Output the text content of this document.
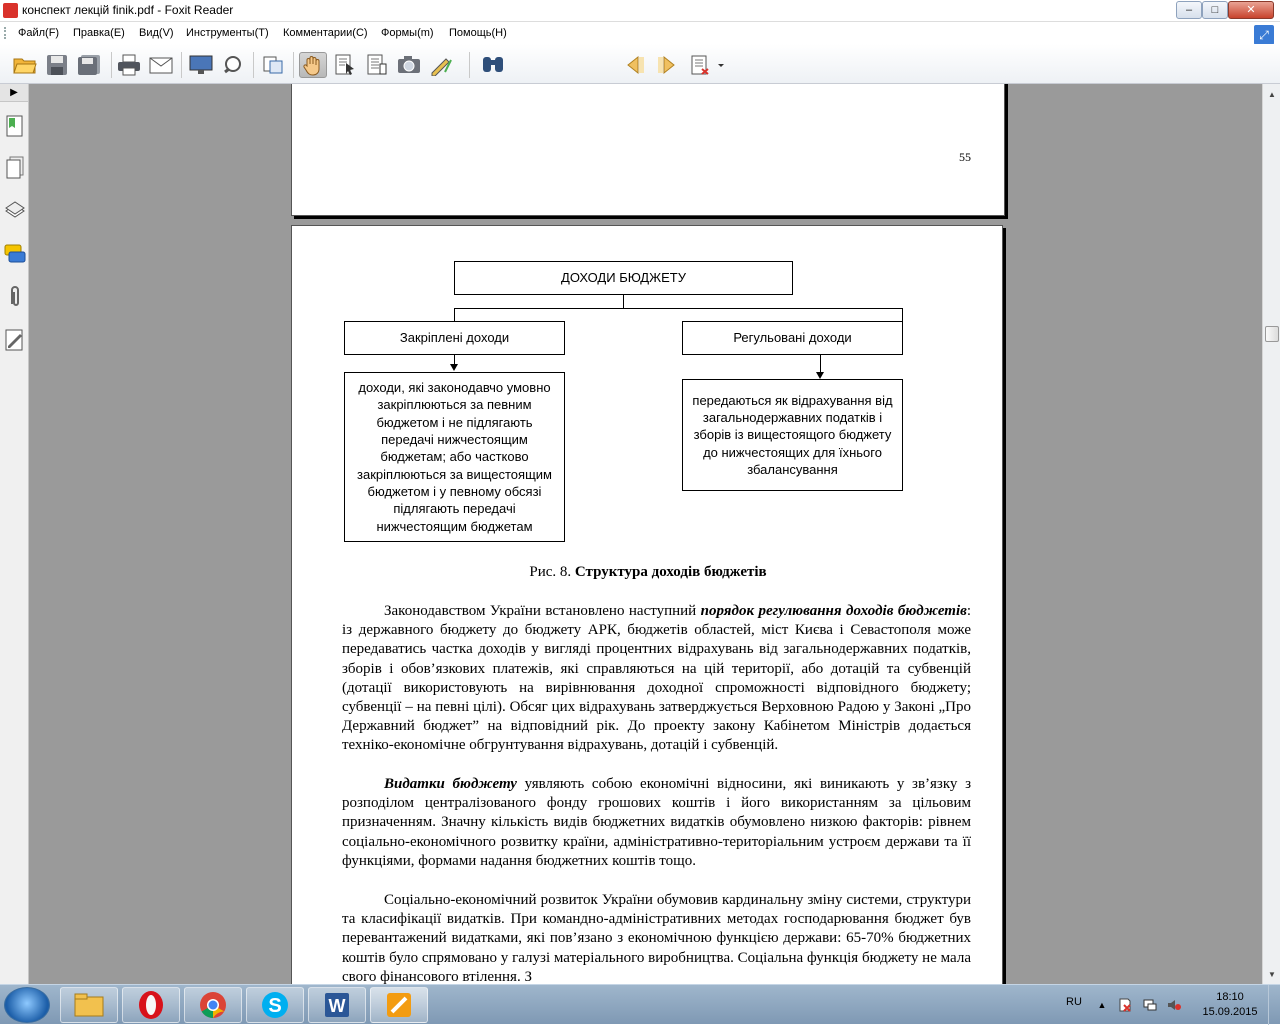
конспект лекцій finik.pdf - Foxit Reader	–	□	✕
Файл(F) Правка(E) Вид(V) Инструменты(T) Комментарии(C) Формы(m) Помощь(H)	⤢
▶
55
ДОХОДИ БЮДЖЕТУ
Закріплені доходи	Регульовані доходи
доходи, які законодавчо умовно закріплюються за певним бюджетом і не підлягають передачі нижчестоящим бюджетам; або частково закріплюються за вищестоящим бюджетом і у певному обсязі підлягають передачі нижчестоящим бюджетам
передаються як відрахування від загальнодержавних податків і зборів із вищестоящого бюджету до нижчестоящих для їхнього збалансування
Рис. 8. Структура доходів бюджетів
Законодавством України встановлено наступний порядок регулювання доходів бюджетів: із державного бюджету до бюджету АРК, бюджетів областей, міст Києва і Севастополя може передаватись частка доходів у вигляді процентних відрахувань від загальнодержавних податків, зборів і обов’язкових платежів, які справляються на цій території, або дотацій та субвенцій (дотації використовують на вирівнювання доходної спроможності відповідного бюджету; субвенції – на певні цілі). Обсяг цих відрахувань затверджується Верховною Радою у Законі „Про Державний бюджет” на відповідний рік. До проекту закону Кабінетом Міністрів додається техніко-економічне обгрунтування відрахувань, дотацій і субвенцій.
Видатки бюджету уявляють собою економічні відносини, які виникають у зв’язку з розподілом централізованого фонду грошових коштів і його використанням за цільовим призначенням. Значну кількість видів бюджетних видатків обумовлено низкою факторів: рівнем соціально-економічного розвитку країни, адміністративно-територіальним устроєм держави та її функціями, формами надання бюджетних коштів тощо.
Соціально-економічний розвиток України обумовив кардинальну зміну системи, структури та класифікації видатків. При командно-адміністративних методах господарювання бюджет був перевантажений видатками, які пов’язано з економічною функцією держави: 65-70% бюджетних коштів було спрямовано у галузі матеріального виробництва. Соціальна функція бюджету не мала свого фінансового втілення. З
▲
▼
S	W	RU ▲
18:10
15.09.2015
